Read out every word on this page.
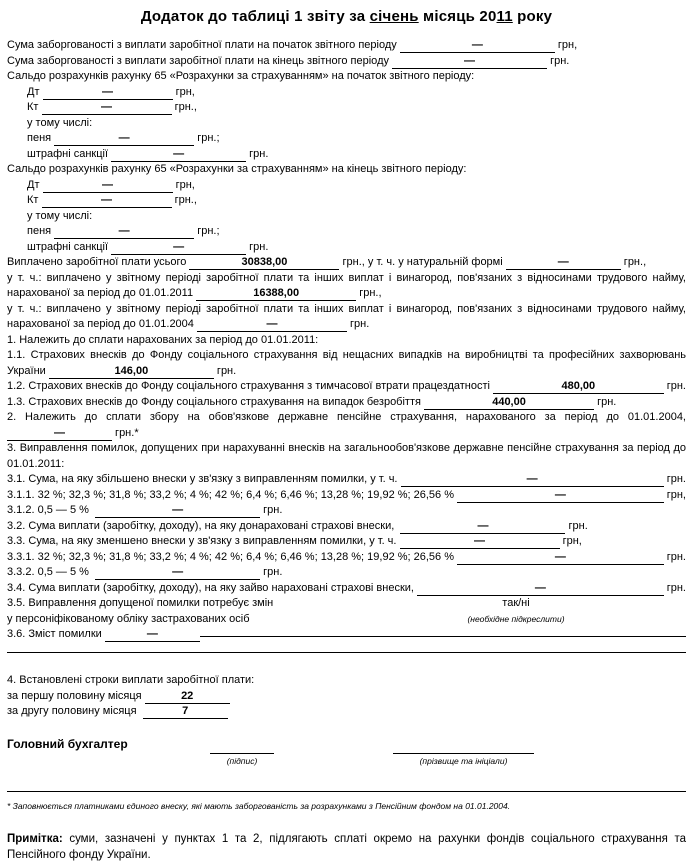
Додаток до таблиці 1 звіту за січень місяць 2011 року
Сума заборгованості з виплати заробітної плати на початок звітного періоду	—	грн,
Сума заборгованості з виплати заробітної плати на кінець звітного періоду	—	грн.
Сальдо розрахунків рахунку 65 «Розрахунки за страхуванням» на початок звітного періоду:
Дт	—	грн,
Кт	—	грн.,
у тому числі:
пеня	—	грн.;
штрафні санкції	—	грн.
Сальдо розрахунків рахунку 65 «Розрахунки за страхуванням» на кінець звітного періоду:
Дт	—	грн,
Кт	—	грн.,
у тому числі:
пеня	—	грн.;
штрафні санкції	—	грн.
Виплачено заробітної плати усього	30838,00	грн., у т. ч. у натуральній формі	—	грн.,
у т. ч.: виплачено у звітному періоді заробітної плати та інших виплат і винагород, пов'язаних з відносинами трудового найму, нарахованої за період до 01.01.2011	16388,00	грн.,
у т. ч.: виплачено у звітному періоді заробітної плати та інших виплат і винагород, пов'язаних з відносинами трудового найму, нарахованої за період до 01.01.2004	—	грн.
1. Належить до сплати нарахованих за період до 01.01.2011:
1.1. Страхових внесків до Фонду соціального страхування від нещасних випадків на виробництві та професійних захворювань України	146,00	грн.
1.2. Страхових внесків до Фонду соціального страхування з тимчасової втрати працездатності	480,00	грн.
1.3. Страхових внесків до Фонду соціального страхування на випадок безробіття	440,00	грн.
2. Належить до сплати збору на обов'язкове державне пенсійне страхування, нарахованого за період до 01.01.2004, —	грн.*
3. Виправлення помилок, допущених при нарахуванні внесків на загальнообов'язкове державне пенсійне страхування за період до 01.01.2011:
3.1. Сума, на яку збільшено внески у зв'язку з виправленням помилки, у т. ч.	—	грн.
3.1.1. 32 %; 32,3 %; 31,8 %; 33,2 %; 4 %; 42 %; 6,4 %; 6,46 %; 13,28 %; 19,92 %; 26,56 %	—	грн,
3.1.2. 0,5 — 5 %	—	грн.
3.2. Сума виплати (заробітку, доходу), на яку донараховані страхові внески,	—	грн.
3.3. Сума, на яку зменшено внески у зв'язку з виправленням помилки, у т. ч.	—	грн,
3.3.1. 32 %; 32,3 %; 31,8 %; 33,2 %; 4 %; 42 %; 6,4 %; 6,46 %; 13,28 %; 19,92 %; 26,56 %	—	грн.
3.3.2. 0,5 — 5 %	—	грн.
3.4. Сума виплати (заробітку, доходу), на яку зайво нараховані страхові внески,	—	грн.
3.5. Виправлення допущеної помилки потребує змін	так/ні
у персоніфікованому обліку застрахованих осіб	(необхідне підкреслити)
3.6. Зміст помилки	—
4. Встановлені строки виплати заробітної плати:
за першу половину місяця	22
за другу половину місяця	7
Головний бухгалтер
(підпис)	(прізвище та ініціали)
* Заповнюється платниками єдиного внеску, які мають заборгованість за розрахунками з Пенсійним фондом на 01.01.2004.
Примітка: суми, зазначені у пунктах 1 та 2, підлягають сплаті окремо на рахунки фондів соціального страхування та Пенсійного фонду України.
